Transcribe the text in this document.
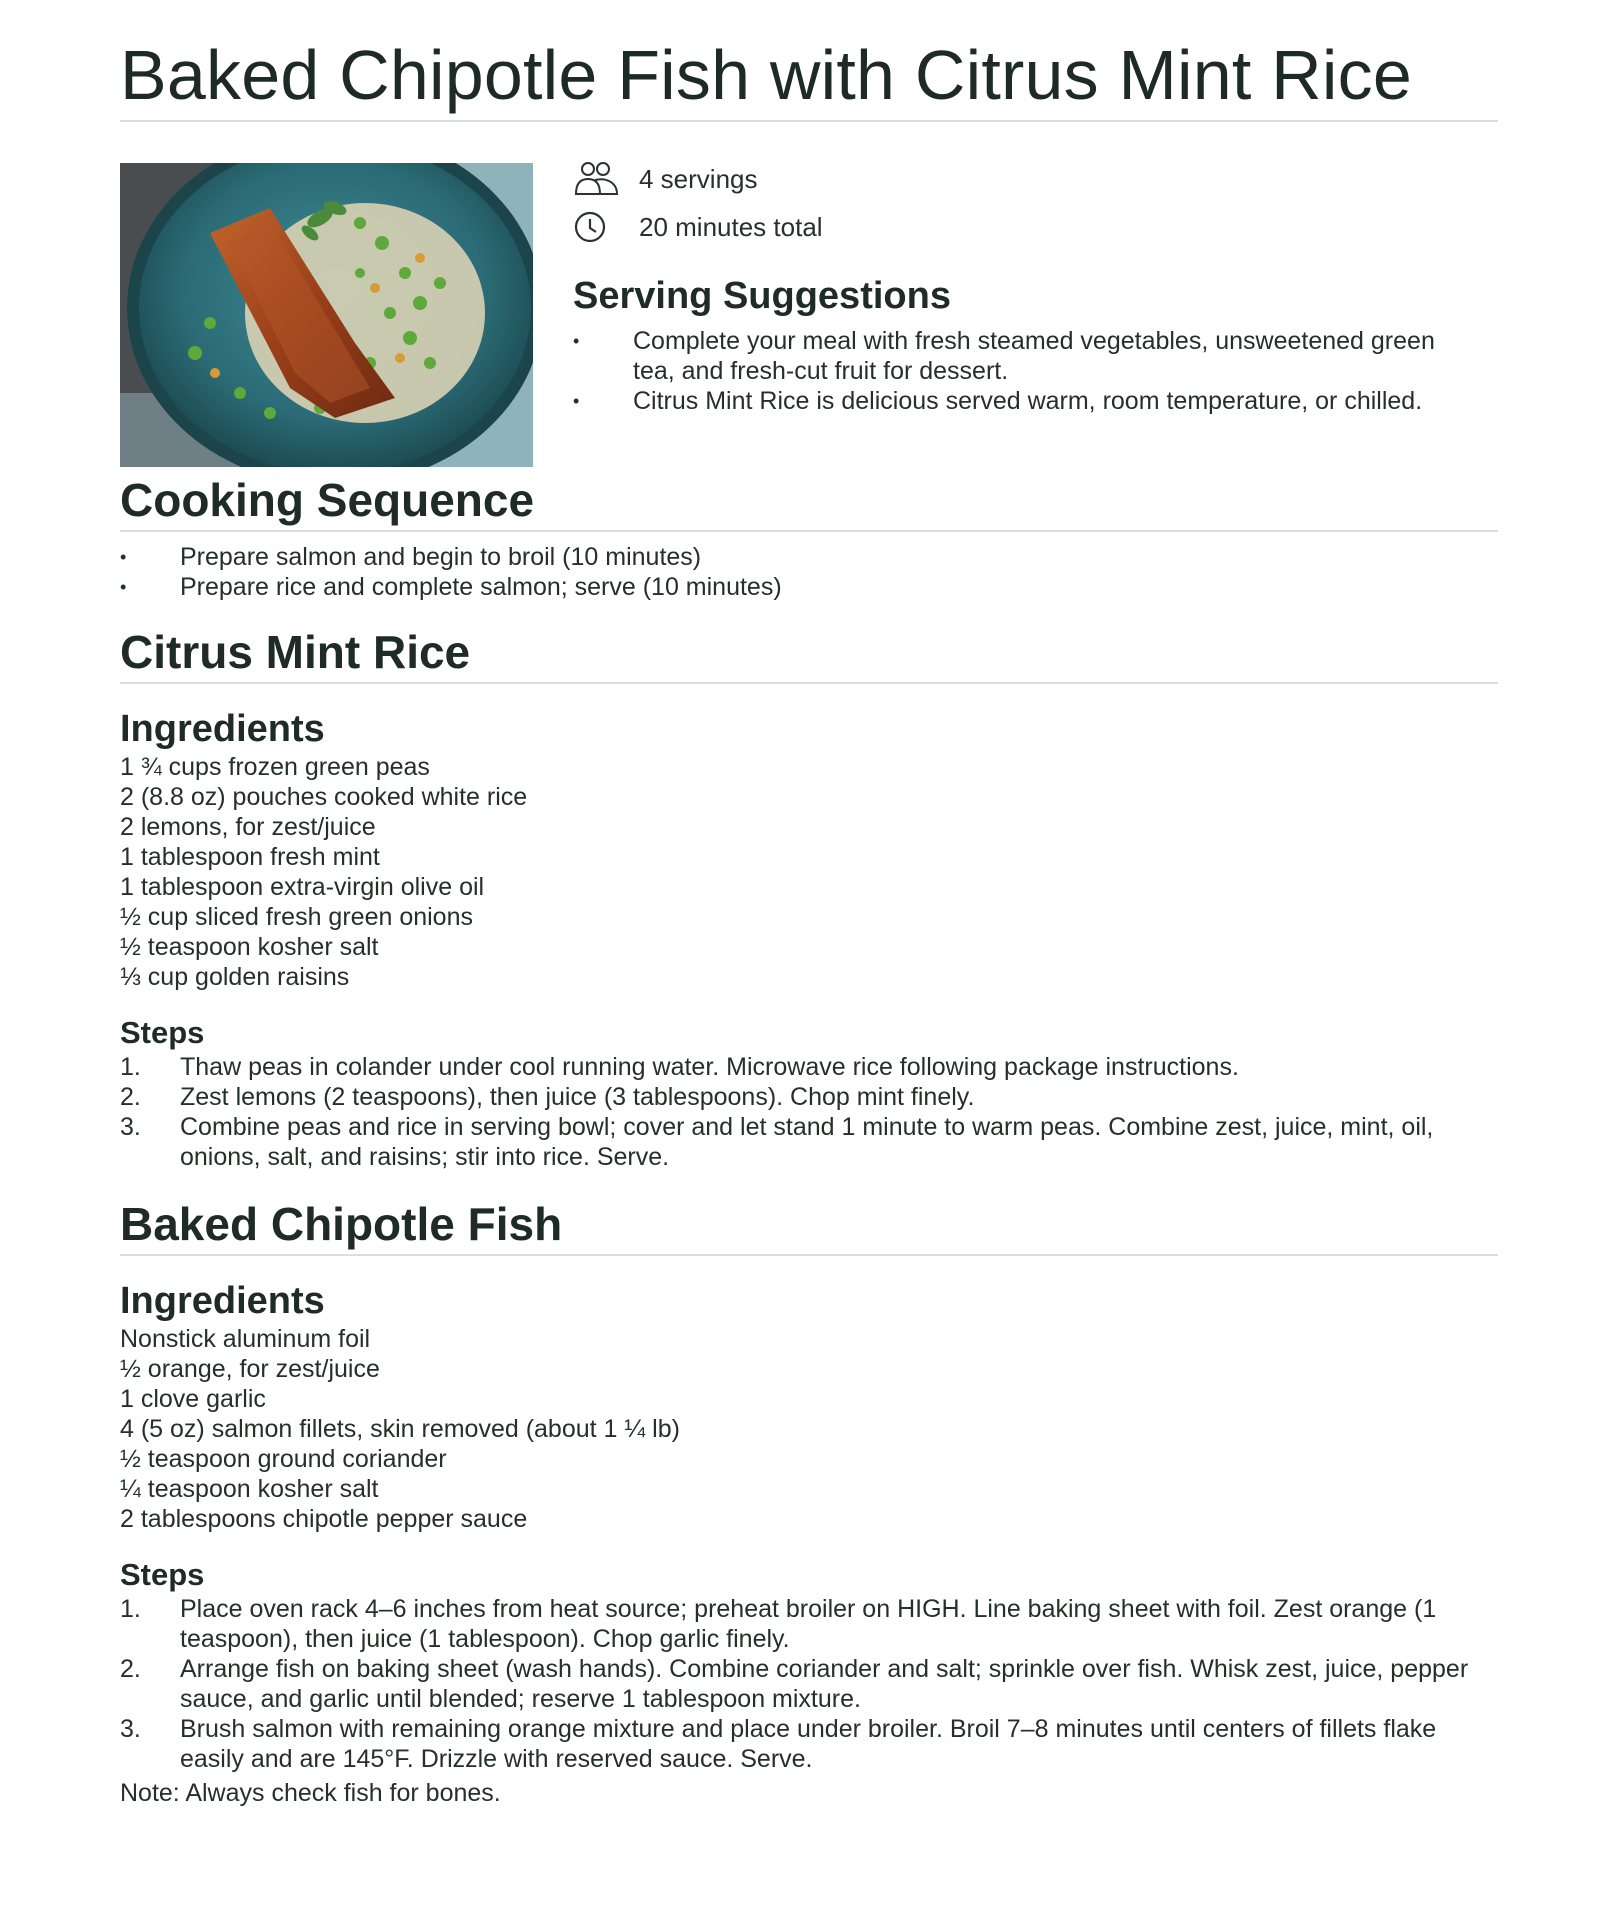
Baked Chipotle Fish with Citrus Mint Rice
4 servings
20 minutes total
Serving Suggestions
• Complete your meal with fresh steamed vegetables, unsweetened green tea, and fresh-cut fruit for dessert.
• Citrus Mint Rice is delicious served warm, room temperature, or chilled.
Cooking Sequence
• Prepare salmon and begin to broil (10 minutes)
• Prepare rice and complete salmon; serve (10 minutes)
Citrus Mint Rice
Ingredients
1 ¾ cups frozen green peas
2 (8.8 oz) pouches cooked white rice
2 lemons, for zest/juice
1 tablespoon fresh mint
1 tablespoon extra-virgin olive oil
½ cup sliced fresh green onions
½ teaspoon kosher salt
⅓ cup golden raisins
Steps
1. Thaw peas in colander under cool running water. Microwave rice following package instructions.
2. Zest lemons (2 teaspoons), then juice (3 tablespoons). Chop mint finely.
3. Combine peas and rice in serving bowl; cover and let stand 1 minute to warm peas. Combine zest, juice, mint, oil, onions, salt, and raisins; stir into rice. Serve.
Baked Chipotle Fish
Ingredients
Nonstick aluminum foil
½ orange, for zest/juice
1 clove garlic
4 (5 oz) salmon fillets, skin removed (about 1 ¼ lb)
½ teaspoon ground coriander
¼ teaspoon kosher salt
2 tablespoons chipotle pepper sauce
Steps
1. Place oven rack 4–6 inches from heat source; preheat broiler on HIGH. Line baking sheet with foil. Zest orange (1 teaspoon), then juice (1 tablespoon). Chop garlic finely.
2. Arrange fish on baking sheet (wash hands). Combine coriander and salt; sprinkle over fish. Whisk zest, juice, pepper sauce, and garlic until blended; reserve 1 tablespoon mixture.
3. Brush salmon with remaining orange mixture and place under broiler. Broil 7–8 minutes until centers of fillets flake easily and are 145°F. Drizzle with reserved sauce. Serve.
Note: Always check fish for bones.
